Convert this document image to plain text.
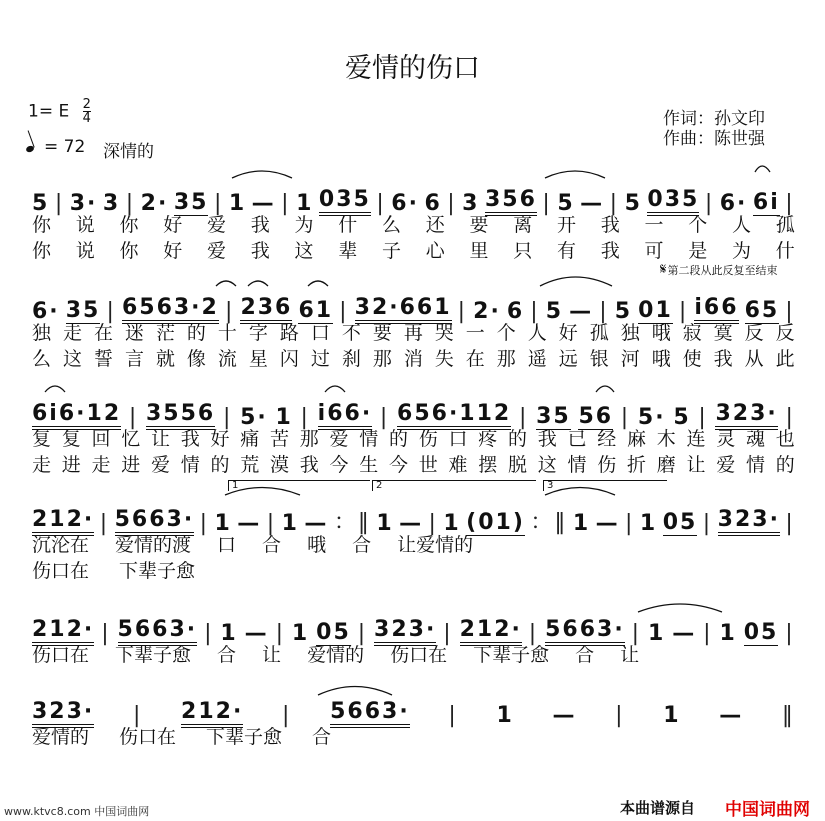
爱情的伤口
1= E $\frac{2}{4}$
= 72 深情的
作词：孙文印
作曲：陈世强
5 | 3· 3 | 2· 35 | 1 — | 1 035 | 6· 6 | 3 356 | 5 — | 5 035 | 6· 6i |
你 说 你 好 爱 我 为 什 么 还 要 离 开 我 一 个 人 孤
你 说 你 好 爱 我 这 辈 子 心 里 只 有 我 可 是 为 什
6· 35 | 6563·2 | 236 61 | 32·661 | 2· 6 | 5 — | 5 01 | i66 65 |
独 走 在 迷 茫 的 十 字 路 口 不 要 再 哭 一 个 人 好 孤 独 哦 寂 寞 反 反
么 这 誓 言 就 像 流 星 闪 过 刹 那 消 失 在 那 遥 远 银 河 哦 使 我 从 此
6i6·12 | 3556 | 5· 1 | i66· | 656·112 | 35 56 | 5· 5 | 323· |
复 复 回 忆 让 我 好 痛 苦 那 爱 情 的 伤 口 疼 的 我 已 经 麻 木 连 灵 魂 也
走 进 走 进 爱 情 的 荒 漠 我 今 生 今 世 难 摆 脱 这 情 伤 折 磨 让 爱 情 的
212· | 5663· | 1 — | 1 — ：‖ 1 — | 1 (01) ：‖ 1 — | 1 05 | 323· |
沉沦在 爱情的渡 口 合 哦 合 让爱情的
伤口在 下辈子愈
212· | 5663· | 1 — | 1 05 | 323· | 212· | 5663· | 1 — | 1 05 |
伤口在 下辈子愈 合 让 爱情的 伤口在 下辈子愈 合 让
323· | 212· | 5663· | 1 — | 1 — ‖
爱情的 伤口在 下辈子愈 合
𝄋第二段从此反复至结束
1	2	3
www.ktvc8.com 中国词曲网	本曲谱源自 中国词曲网
